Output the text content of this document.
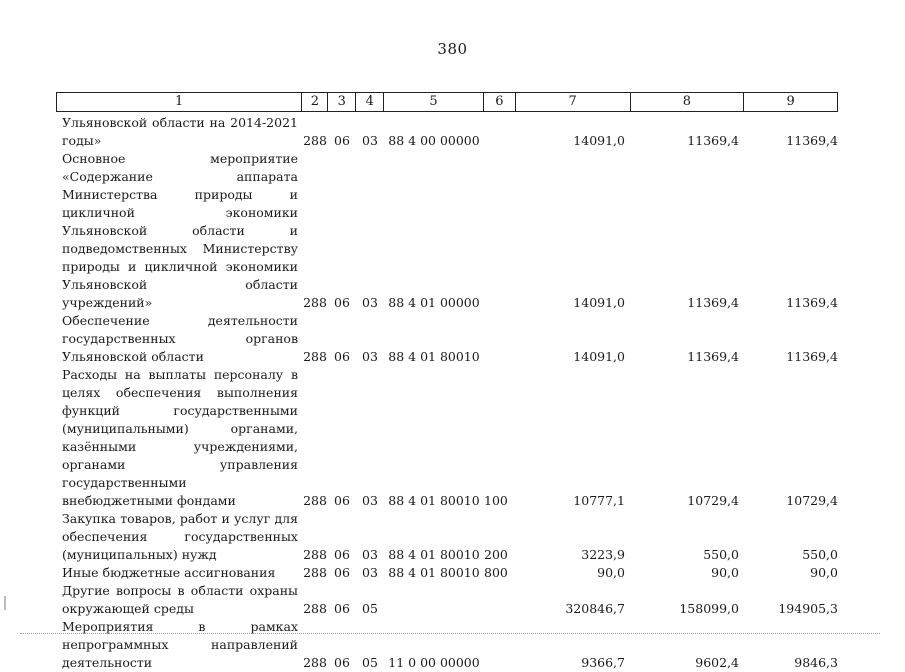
380
1	2	3	4	5	6	7	8	9
Ульяновской области на 2014-2021 годы»	288	06	03	88 4 00 00000		14091,0	11369,4	11369,4
Основное мероприятие «Содержание аппарата Министерства природы и цикличной экономики Ульяновской области и подведомственных Министерству природы и цикличной экономики Ульяновской области учреждений»	288	06	03	88 4 01 00000		14091,0	11369,4	11369,4
Обеспечение деятельности государственных органов Ульяновской области	288	06	03	88 4 01 80010		14091,0	11369,4	11369,4
Расходы на выплаты персоналу в целях обеспечения выполнения функций государственными (муниципальными) органами, казёнными учреждениями, органами управления государственными внебюджетными фондами	288	06	03	88 4 01 80010	100	10777,1	10729,4	10729,4
Закупка товаров, работ и услуг для обеспечения государственных (муниципальных) нужд	288	06	03	88 4 01 80010	200	3223,9	550,0	550,0
Иные бюджетные ассигнования	288	06	03	88 4 01 80010	800	90,0	90,0	90,0
Другие вопросы в области охраны окружающей среды	288	06	05			320846,7	158099,0	194905,3
Мероприятия в рамках непрограммных направлений деятельности	288	06	05	11 0 00 00000		9366,7	9602,4	9846,3
